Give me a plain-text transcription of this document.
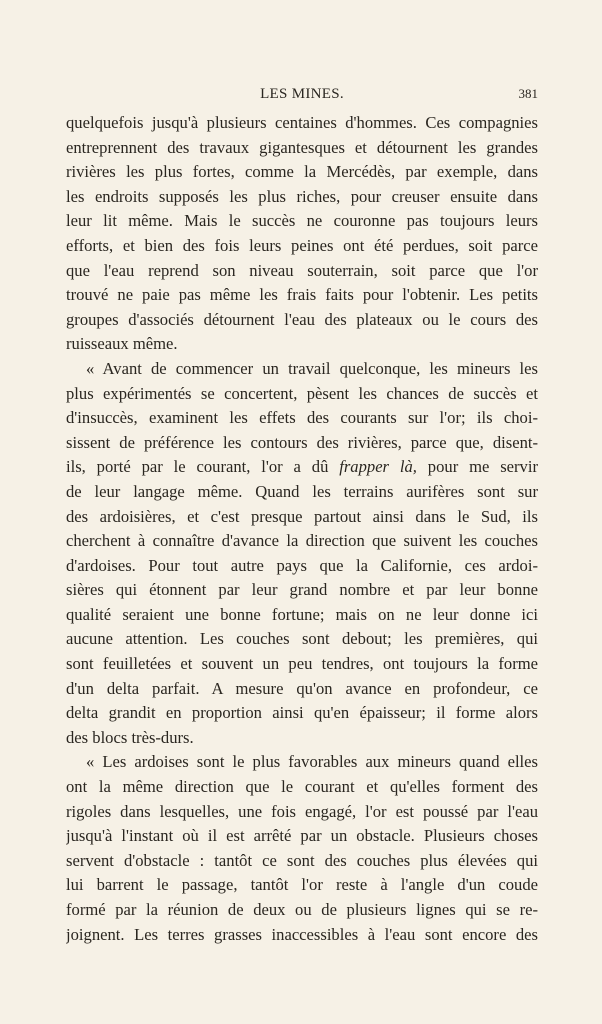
LES MINES.	381
quelquefois jusqu'à plusieurs centaines d'hommes. Ces compagnies
entreprennent des travaux gigantesques et détournent les grandes
rivières les plus fortes, comme la Mercédès, par exemple, dans
les endroits supposés les plus riches, pour creuser ensuite dans
leur lit même. Mais le succès ne couronne pas toujours leurs
efforts, et bien des fois leurs peines ont été perdues, soit parce
que l'eau reprend son niveau souterrain, soit parce que l'or
trouvé ne paie pas même les frais faits pour l'obtenir. Les petits
groupes d'associés détournent l'eau des plateaux ou le cours des
ruisseaux même.
« Avant de commencer un travail quelconque, les mineurs les
plus expérimentés se concertent, pèsent les chances de succès et
d'insuccès, examinent les effets des courants sur l'or; ils choi-
sissent de préférence les contours des rivières, parce que, disent-
ils, porté par le courant, l'or a dû frapper là, pour me servir
de leur langage même. Quand les terrains aurifères sont sur
des ardoisières, et c'est presque partout ainsi dans le Sud, ils
cherchent à connaître d'avance la direction que suivent les couches
d'ardoises. Pour tout autre pays que la Californie, ces ardoi-
sières qui étonnent par leur grand nombre et par leur bonne
qualité seraient une bonne fortune; mais on ne leur donne ici
aucune attention. Les couches sont debout; les premières, qui
sont feuilletées et souvent un peu tendres, ont toujours la forme
d'un delta parfait. A mesure qu'on avance en profondeur, ce
delta grandit en proportion ainsi qu'en épaisseur; il forme alors
des blocs très-durs.
« Les ardoises sont le plus favorables aux mineurs quand elles
ont la même direction que le courant et qu'elles forment des
rigoles dans lesquelles, une fois engagé, l'or est poussé par l'eau
jusqu'à l'instant où il est arrêté par un obstacle. Plusieurs choses
servent d'obstacle : tantôt ce sont des couches plus élevées qui
lui barrent le passage, tantôt l'or reste à l'angle d'un coude
formé par la réunion de deux ou de plusieurs lignes qui se re-
joignent. Les terres grasses inaccessibles à l'eau sont encore des
